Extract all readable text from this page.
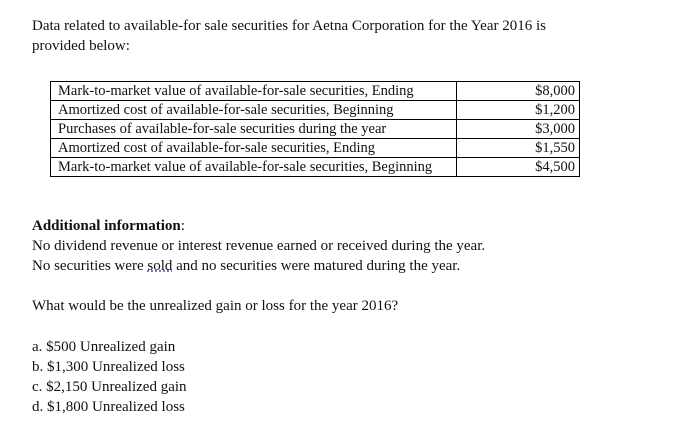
Data related to available-for sale securities for Aetna Corporation for the Year 2016 is
provided below:
Mark-to-market value of available-for-sale securities, Ending	$8,000
Amortized cost of available-for-sale securities, Beginning	$1,200
Purchases of available-for-sale securities during the year	$3,000
Amortized cost of available-for-sale securities, Ending	$1,550
Mark-to-market value of available-for-sale securities, Beginning	$4,500
Additional information:
No dividend revenue or interest revenue earned or received during the year.
No securities were sold and no securities were matured during the year.
What would be the unrealized gain or loss for the year 2016?
a. $500 Unrealized gain
b. $1,300 Unrealized loss
c. $2,150 Unrealized gain
d. $1,800 Unrealized loss
